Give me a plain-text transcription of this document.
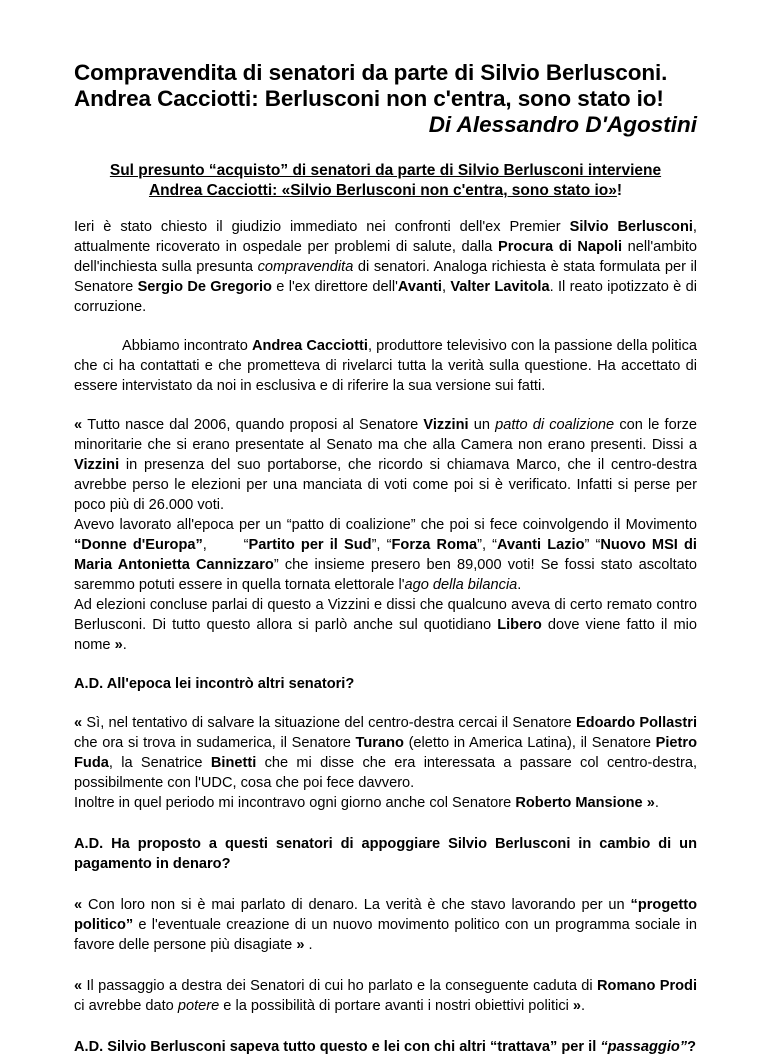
Compravendita di senatori da parte di Silvio Berlusconi.
Andrea Cacciotti: Berlusconi non c'entra, sono stato io!
Di Alessandro D'Agostini
Sul presunto “acquisto” di senatori da parte di Silvio Berlusconi interviene
Andrea Cacciotti: «Silvio Berlusconi non c'entra, sono stato io»!

Ieri è stato chiesto il giudizio immediato nei confronti dell'ex Premier Silvio Berlusconi, attualmente ricoverato in ospedale per problemi di salute, dalla Procura di Napoli nell'ambito dell'inchiesta sulla presunta compravendita di senatori. Analoga richiesta è stata formulata per il Senatore Sergio De Gregorio e l'ex direttore dell'Avanti, Valter Lavitola. Il reato ipotizzato è di corruzione.

Abbiamo incontrato Andrea Cacciotti, produttore televisivo con la passione della politica che ci ha contattati e che prometteva di rivelarci tutta la verità sulla questione. Ha accettato di essere intervistato da noi in esclusiva e di riferire la sua versione sui fatti.

« Tutto nasce dal 2006, quando proposi al Senatore Vizzini un patto di coalizione con le forze minoritarie che si erano presentate al Senato ma che alla Camera non erano presenti. Dissi a Vizzini in presenza del suo portaborse, che ricordo si chiamava Marco, che il centro-destra avrebbe perso le elezioni per una manciata di voti come poi si è verificato. Infatti si perse per poco più di 26.000 voti.
Avevo lavorato all'epoca per un “patto di coalizione” che poi si fece coinvolgendo il Movimento “Donne d'Europa”,      “Partito per il Sud”, “Forza Roma”, “Avanti Lazio” “Nuovo MSI di Maria Antonietta Cannizzaro” che insieme presero ben 89,000 voti! Se fossi stato ascoltato saremmo potuti essere in quella tornata elettorale l'ago della bilancia.
Ad elezioni concluse parlai di questo a Vizzini e dissi che qualcuno aveva di certo remato contro Berlusconi. Di tutto questo allora si parlò anche sul quotidiano Libero dove viene fatto il mio nome ».

A.D. All'epoca lei incontrò altri senatori?

« Sì, nel tentativo di salvare la situazione del centro-destra cercai il Senatore Edoardo Pollastri che ora si trova in sudamerica, il Senatore Turano (eletto in America Latina), il Senatore Pietro Fuda, la Senatrice Binetti che mi disse che era interessata a passare col centro-destra, possibilmente con l'UDC, cosa che poi fece davvero.
Inoltre in quel periodo mi incontravo ogni giorno anche col Senatore Roberto Mansione ».

A.D. Ha proposto a questi senatori di appoggiare Silvio Berlusconi in cambio di un pagamento in denaro?

« Con loro non si è mai parlato di denaro. La verità è che stavo lavorando per un “progetto politico” e l'eventuale creazione di un nuovo movimento politico con un programma sociale in favore delle persone più disagiate » .

« Il passaggio a destra dei Senatori di cui ho parlato e la conseguente caduta di Romano Prodi ci avrebbe dato potere e la possibilità di portare avanti i nostri obiettivi politici ».

A.D. Silvio Berlusconi sapeva tutto questo e lei con chi altri “trattava” per il “passaggio”?
